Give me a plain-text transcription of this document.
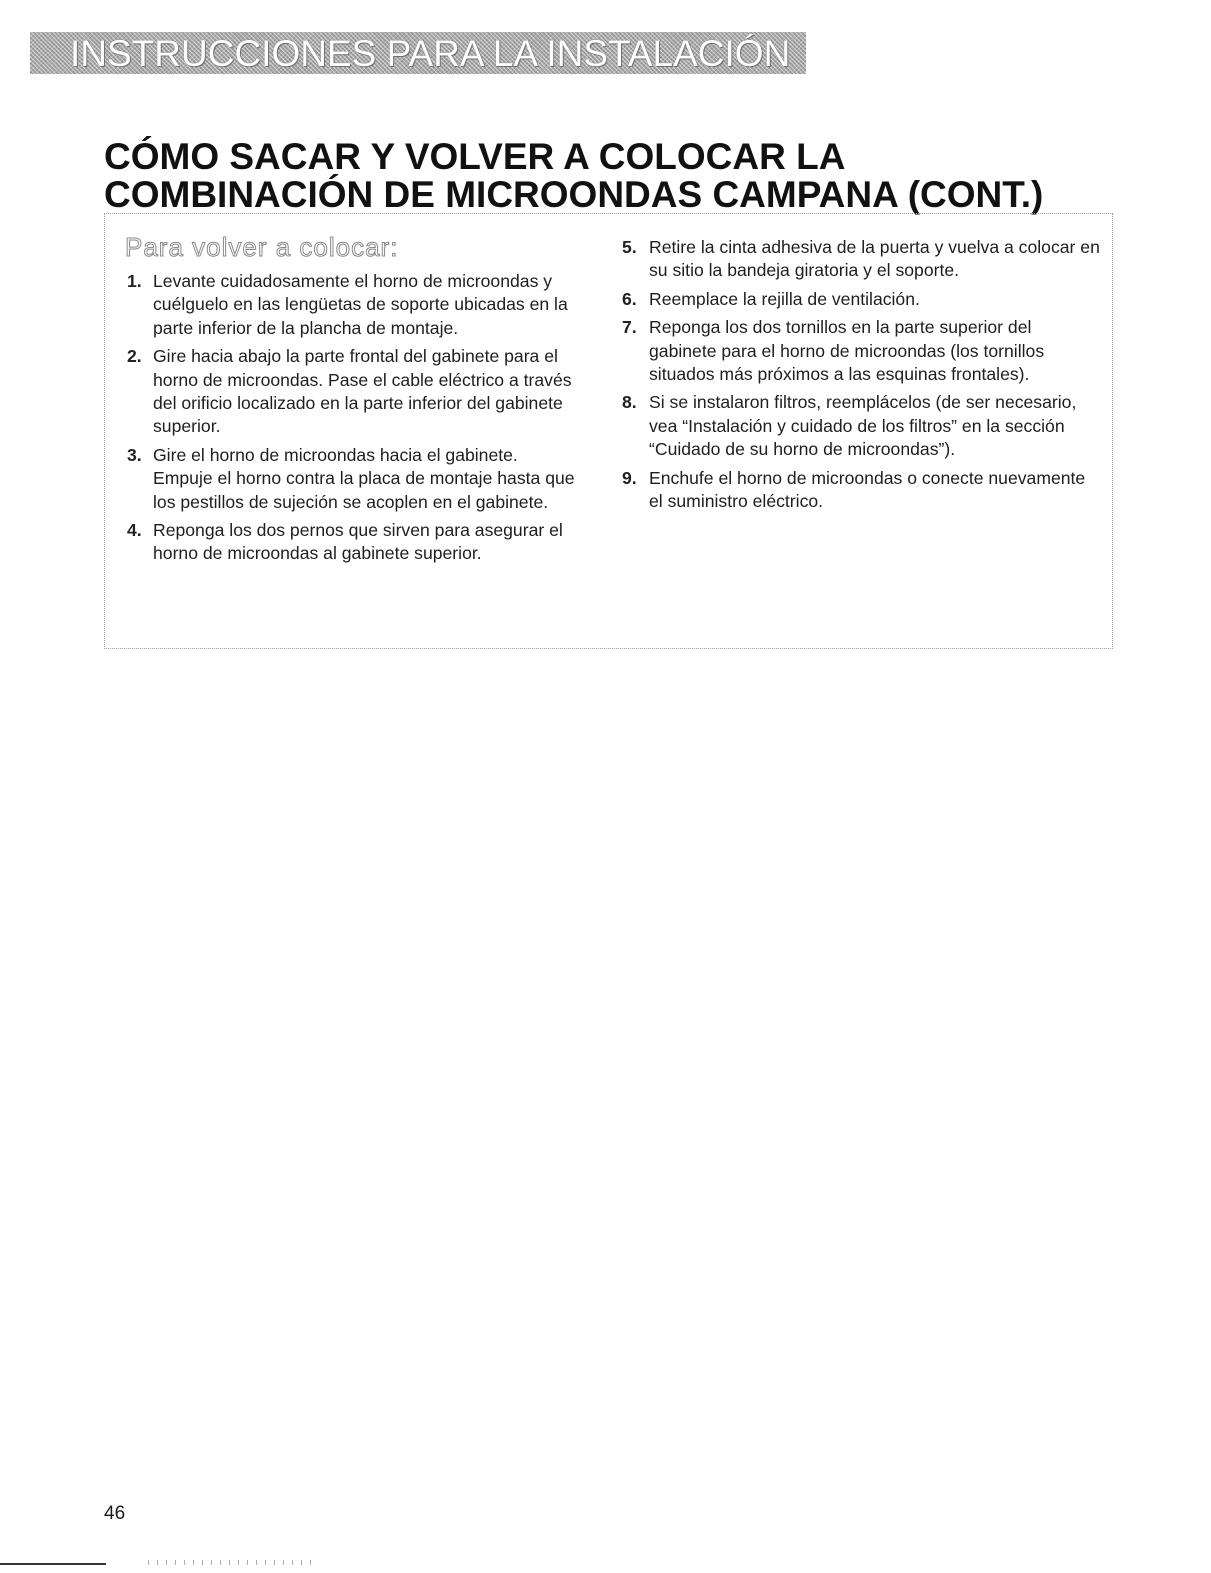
INSTRUCCIONES PARA LA INSTALACIÓN
CÓMO SACAR Y VOLVER A COLOCAR LA
COMBINACIÓN DE MICROONDAS CAMPANA (CONT.)
Para volver a colocar:
1. Levante cuidadosamente el horno de microondas y cuélguelo en las lengüetas de soporte ubicadas en la parte inferior de la plancha de montaje.
2. Gire hacia abajo la parte frontal del gabinete para el horno de microondas. Pase el cable eléctrico a través del orificio localizado en la parte inferior del gabinete superior.
3. Gire el horno de microondas hacia el gabinete. Empuje el horno contra la placa de montaje hasta que los pestillos de sujeción se acoplen en el gabinete.
4. Reponga los dos pernos que sirven para asegurar el horno de microondas al gabinete superior.
5. Retire la cinta adhesiva de la puerta y vuelva a colocar en su sitio la bandeja giratoria y el soporte.
6. Reemplace la rejilla de ventilación.
7. Reponga los dos tornillos en la parte superior del gabinete para el horno de microondas (los tornillos situados más próximos a las esquinas frontales).
8. Si se instalaron filtros, reemplácelos (de ser necesario, vea “Instalación y cuidado de los filtros” en la sección “Cuidado de su horno de microondas”).
9. Enchufe el horno de microondas o conecte nuevamente el suministro eléctrico.
46
